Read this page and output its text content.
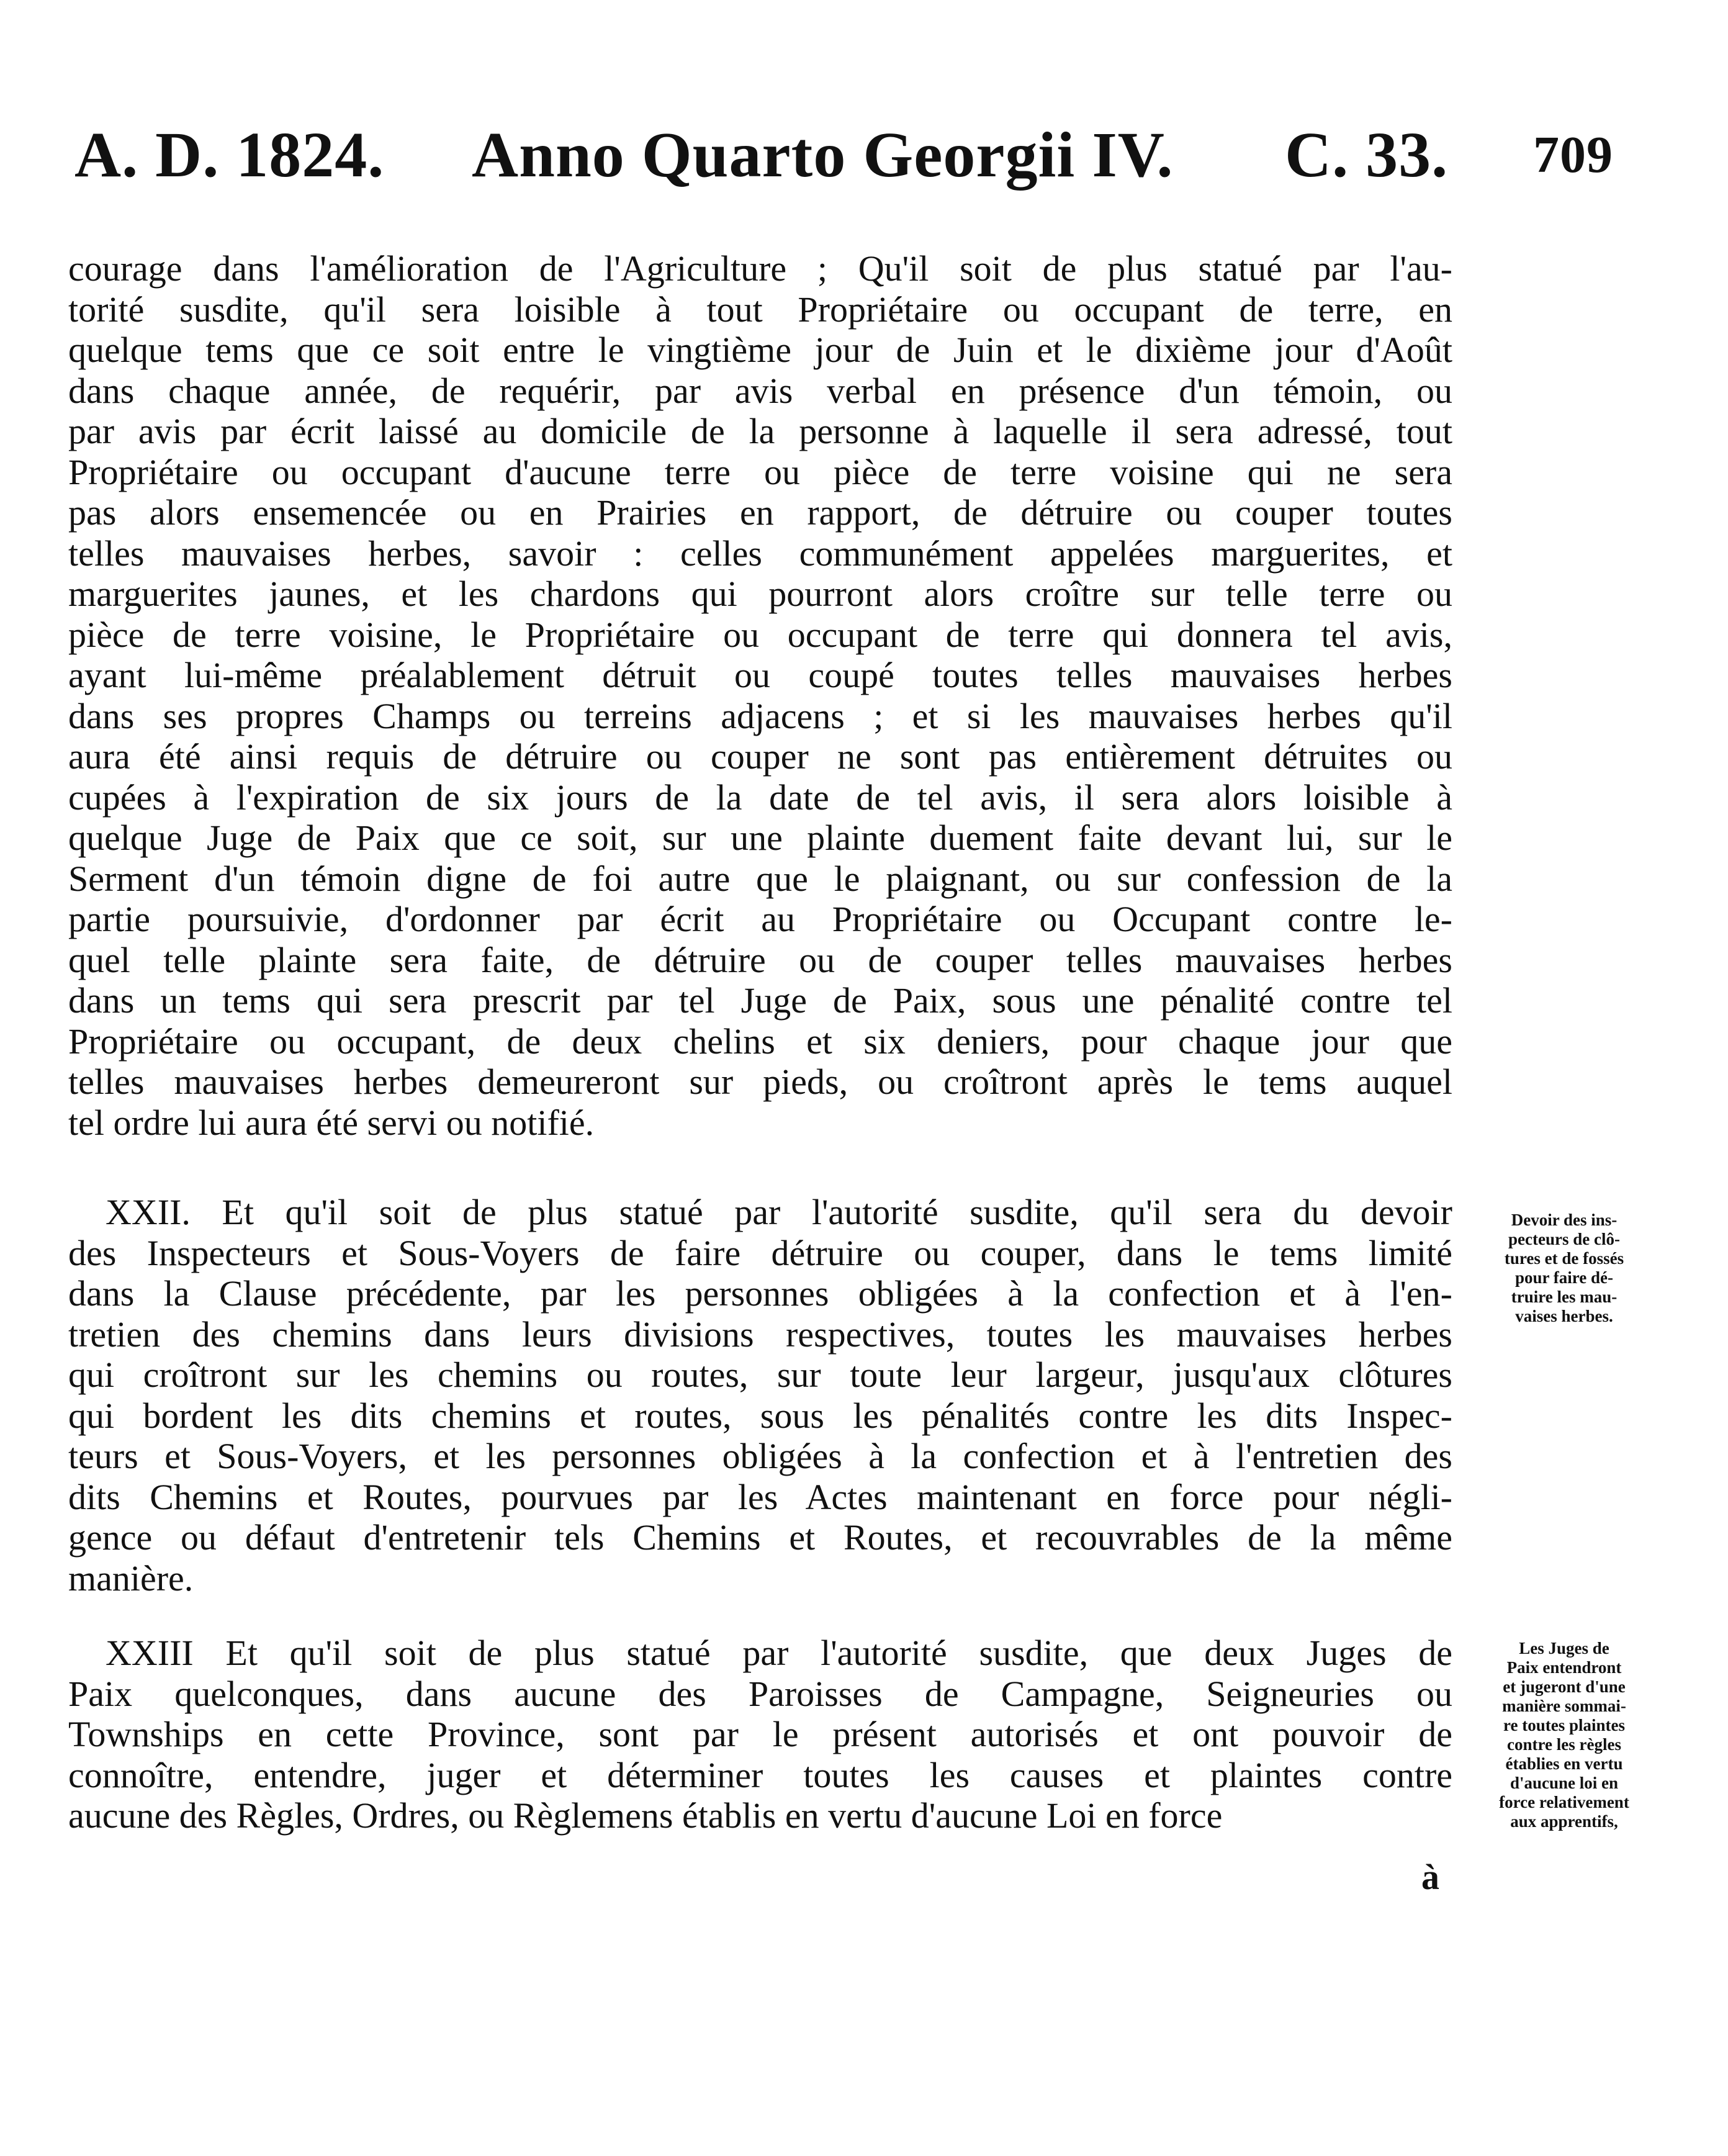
A. D. 1824. Anno Quarto Georgii IV. C. 33. 709
courage dans l'amélioration de l'Agriculture ; Qu'il soit de plus statué par l'au-
torité susdite, qu'il sera loisible à tout Propriétaire ou occupant de terre, en
quelque tems que ce soit entre le vingtième jour de Juin et le dixième jour d'Août
dans chaque année, de requérir, par avis verbal en présence d'un témoin, ou
par avis par écrit laissé au domicile de la personne à laquelle il sera adressé, tout
Propriétaire ou occupant d'aucune terre ou pièce de terre voisine qui ne sera
pas alors ensemencée ou en Prairies en rapport, de détruire ou couper toutes
telles mauvaises herbes, savoir : celles communément appelées marguerites, et
marguerites jaunes, et les chardons qui pourront alors croître sur telle terre ou
pièce de terre voisine, le Propriétaire ou occupant de terre qui donnera tel avis,
ayant lui-même préalablement détruit ou coupé toutes telles mauvaises herbes
dans ses propres Champs ou terreins adjacens ; et si les mauvaises herbes qu'il
aura été ainsi requis de détruire ou couper ne sont pas entièrement détruites ou
cupées à l'expiration de six jours de la date de tel avis, il sera alors loisible à
quelque Juge de Paix que ce soit, sur une plainte duement faite devant lui, sur le
Serment d'un témoin digne de foi autre que le plaignant, ou sur confession de la
partie poursuivie, d'ordonner par écrit au Propriétaire ou Occupant contre le-
quel telle plainte sera faite, de détruire ou de couper telles mauvaises herbes
dans un tems qui sera prescrit par tel Juge de Paix, sous une pénalité contre tel
Propriétaire ou occupant, de deux chelins et six deniers, pour chaque jour que
telles mauvaises herbes demeureront sur pieds, ou croîtront après le tems auquel
tel ordre lui aura été servi ou notifié.
XXII. Et qu'il soit de plus statué par l'autorité susdite, qu'il sera du devoir
des Inspecteurs et Sous-Voyers de faire détruire ou couper, dans le tems limité
dans la Clause précédente, par les personnes obligées à la confection et à l'en-
tretien des chemins dans leurs divisions respectives, toutes les mauvaises herbes
qui croîtront sur les chemins ou routes, sur toute leur largeur, jusqu'aux clôtures
qui bordent les dits chemins et routes, sous les pénalités contre les dits Inspec-
teurs et Sous-Voyers, et les personnes obligées à la confection et à l'entretien des
dits Chemins et Routes, pourvues par les Actes maintenant en force pour négli-
gence ou défaut d'entretenir tels Chemins et Routes, et recouvrables de la même
manière.
XXIII Et qu'il soit de plus statué par l'autorité susdite, que deux Juges de
Paix quelconques, dans aucune des Paroisses de Campagne, Seigneuries ou
Townships en cette Province, sont par le présent autorisés et ont pouvoir de
connoître, entendre, juger et déterminer toutes les causes et plaintes contre
aucune des Règles, Ordres, ou Règlemens établis en vertu d'aucune Loi en force
Devoir des ins-
pecteurs de clô-
tures et de fossés
pour faire dé-
truire les mau-
vaises herbes.
Les Juges de
Paix entendront
et jugeront d'une
manière sommai-
re toutes plaintes
contre les règles
établies en vertu
d'aucune loi en
force relativement
aux apprentifs,
à
